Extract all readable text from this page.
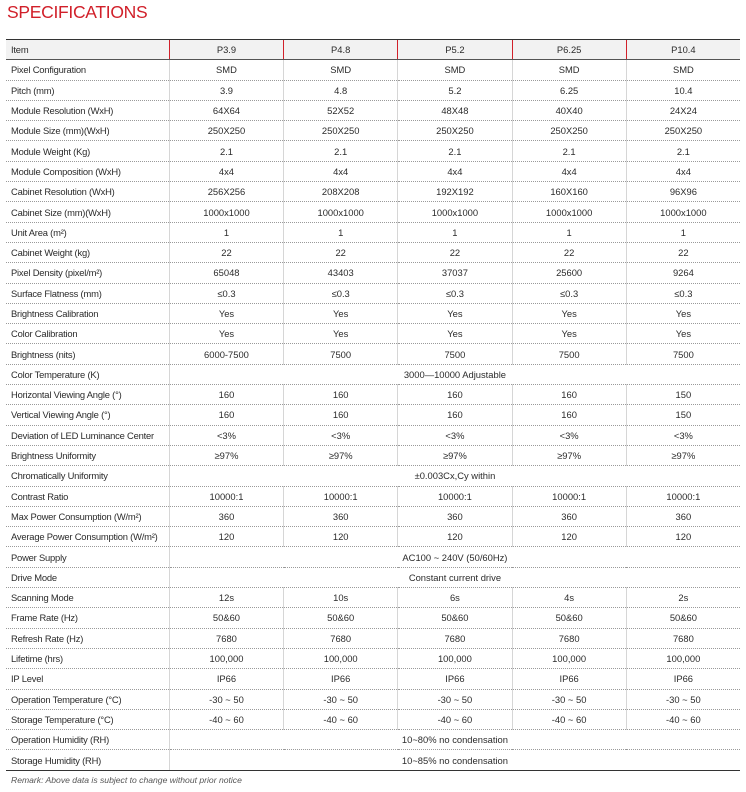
SPECIFICATIONS
Item	P3.9	P4.8	P5.2	P6.25	P10.4
Pixel Configuration	SMD	SMD	SMD	SMD	SMD
Pitch (mm)	3.9	4.8	5.2	6.25	10.4
Module Resolution (WxH)	64X64	52X52	48X48	40X40	24X24
Module Size (mm)(WxH)	250X250	250X250	250X250	250X250	250X250
Module Weight (Kg)	2.1	2.1	2.1	2.1	2.1
Module Composition (WxH)	4x4	4x4	4x4	4x4	4x4
Cabinet Resolution (WxH)	256X256	208X208	192X192	160X160	96X96
Cabinet Size (mm)(WxH)	1000x1000	1000x1000	1000x1000	1000x1000	1000x1000
Unit Area (m²)	1	1	1	1	1
Cabinet Weight (kg)	22	22	22	22	22
Pixel Density (pixel/m²)	65048	43403	37037	25600	9264
Surface Flatness (mm)	≤0.3	≤0.3	≤0.3	≤0.3	≤0.3
Brightness Calibration	Yes	Yes	Yes	Yes	Yes
Color Calibration	Yes	Yes	Yes	Yes	Yes
Brightness (nits)	6000-7500	7500	7500	7500	7500
Color Temperature (K)	3000—10000 Adjustable				
Horizontal Viewing Angle (°)	160	160	160	160	150
Vertical Viewing Angle (°)	160	160	160	160	150
Deviation of LED Luminance Center	<3%	<3%	<3%	<3%	<3%
Brightness Uniformity	≥97%	≥97%	≥97%	≥97%	≥97%
Chromatically Uniformity	±0.003Cx,Cy within				
Contrast Ratio	10000:1	10000:1	10000:1	10000:1	10000:1
Max Power Consumption (W/m²)	360	360	360	360	360
Average Power Consumption (W/m²)	120	120	120	120	120
Power Supply	AC100 ~ 240V (50/60Hz)				
Drive Mode	Constant current drive				
Scanning Mode	12s	10s	6s	4s	2s
Frame Rate (Hz)	50&60	50&60	50&60	50&60	50&60
Refresh Rate (Hz)	7680	7680	7680	7680	7680
Lifetime (hrs)	100,000	100,000	100,000	100,000	100,000
IP Level	IP66	IP66	IP66	IP66	IP66
Operation Temperature (°C)	-30 ~ 50	-30 ~ 50	-30 ~ 50	-30 ~ 50	-30 ~ 50
Storage Temperature (°C)	-40 ~ 60	-40 ~ 60	-40 ~ 60	-40 ~ 60	-40 ~ 60
Operation Humidity (RH)	10~80% no condensation				
Storage Humidity (RH)	10~85% no condensation				
Remark: Above data is subject to change without prior notice
